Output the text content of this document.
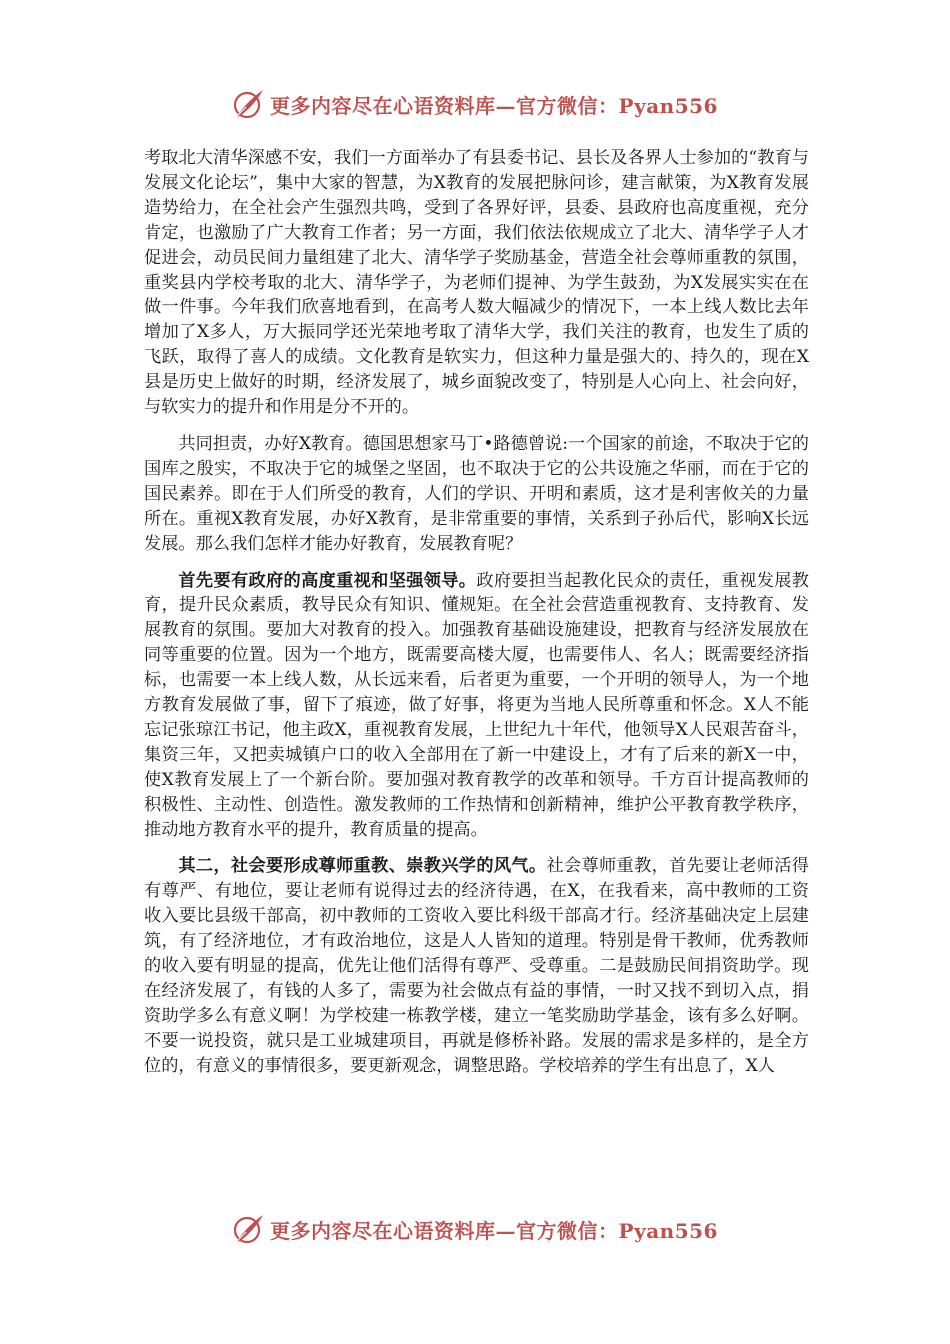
更多内容尽在心语资料库—官方微信：Pyan556

考取北大清华深感不安，我们一方面举办了有县委书记、县长及各界人士参加的“教育与发展文化论坛”，集中大家的智慧，为X教育的发展把脉问诊，建言献策，为X教育发展造势给力，在全社会产生强烈共鸣，受到了各界好评，县委、县政府也高度重视，充分肯定，也激励了广大教育工作者；另一方面，我们依法依规成立了北大、清华学子人才促进会，动员民间力量组建了北大、清华学子奖励基金，营造全社会尊师重教的氛围，重奖县内学校考取的北大、清华学子，为老师们提神、为学生鼓劲，为X发展实实在在做一件事。今年我们欣喜地看到，在高考人数大幅减少的情况下，一本上线人数比去年增加了X多人，万大振同学还光荣地考取了清华大学，我们关注的教育，也发生了质的飞跃，取得了喜人的成绩。文化教育是软实力，但这种力量是强大的、持久的，现在X县是历史上做好的时期，经济发展了，城乡面貌改变了，特别是人心向上、社会向好，与软实力的提升和作用是分不开的。

共同担责，办好X教育。德国思想家马丁•路德曾说:一个国家的前途，不取决于它的国库之殷实，不取决于它的城堡之坚固，也不取决于它的公共设施之华丽，而在于它的国民素养。即在于人们所受的教育，人们的学识、开明和素质，这才是利害攸关的力量所在。重视X教育发展，办好X教育，是非常重要的事情，关系到子孙后代，影响X长远发展。那么我们怎样才能办好教育，发展教育呢？

首先要有政府的高度重视和坚强领导。政府要担当起教化民众的责任，重视发展教育，提升民众素质，教导民众有知识、懂规矩。在全社会营造重视教育、支持教育、发展教育的氛围。要加大对教育的投入。加强教育基础设施建设，把教育与经济发展放在同等重要的位置。因为一个地方，既需要高楼大厦，也需要伟人、名人；既需要经济指标，也需要一本上线人数，从长远来看，后者更为重要，一个开明的领导人，为一个地方教育发展做了事，留下了痕迹，做了好事，将更为当地人民所尊重和怀念。X人不能忘记张琼江书记，他主政X，重视教育发展，上世纪九十年代，他领导X人民艰苦奋斗，集资三年，又把卖城镇户口的收入全部用在了新一中建设上，才有了后来的新X一中，使X教育发展上了一个新台阶。要加强对教育教学的改革和领导。千方百计提高教师的积极性、主动性、创造性。激发教师的工作热情和创新精神，维护公平教育教学秩序，推动地方教育水平的提升，教育质量的提高。

其二，社会要形成尊师重教、崇教兴学的风气。社会尊师重教，首先要让老师活得有尊严、有地位，要让老师有说得过去的经济待遇，在X，在我看来，高中教师的工资收入要比县级干部高，初中教师的工资收入要比科级干部高才行。经济基础决定上层建筑，有了经济地位，才有政治地位，这是人人皆知的道理。特别是骨干教师，优秀教师的收入要有明显的提高，优先让他们活得有尊严、受尊重。二是鼓励民间捐资助学。现在经济发展了，有钱的人多了，需要为社会做点有益的事情，一时又找不到切入点，捐资助学多么有意义啊！为学校建一栋教学楼，建立一笔奖励助学基金，该有多么好啊。不要一说投资，就只是工业城建项目，再就是修桥补路。发展的需求是多样的，是全方位的，有意义的事情很多，要更新观念，调整思路。学校培养的学生有出息了，X人

更多内容尽在心语资料库—官方微信：Pyan556
